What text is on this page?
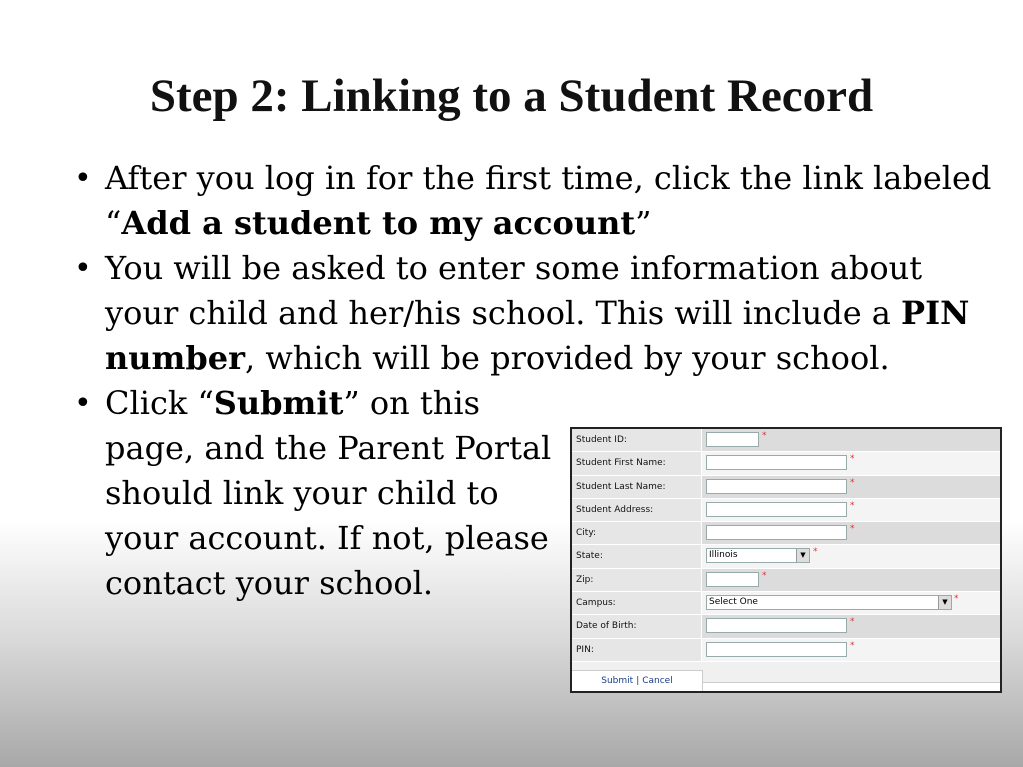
Step 2: Linking to a Student Record
• After you log in for the first time, click the link labeled “Add a student to my account”
• You will be asked to enter some information about your child and her/his school. This will include a PIN number, which will be provided by your school.
• Click “Submit” on this page, and the Parent Portal should link your child to your account. If not, please contact your school.
Student ID:	*
Student First Name:	*
Student Last Name:	*
Student Address:	*
City:	*
State:	Illinois	▼ *
Zip:	*
Campus:	Select One	▼ *
Date of Birth:	*
PIN:	*
Submit | Cancel
